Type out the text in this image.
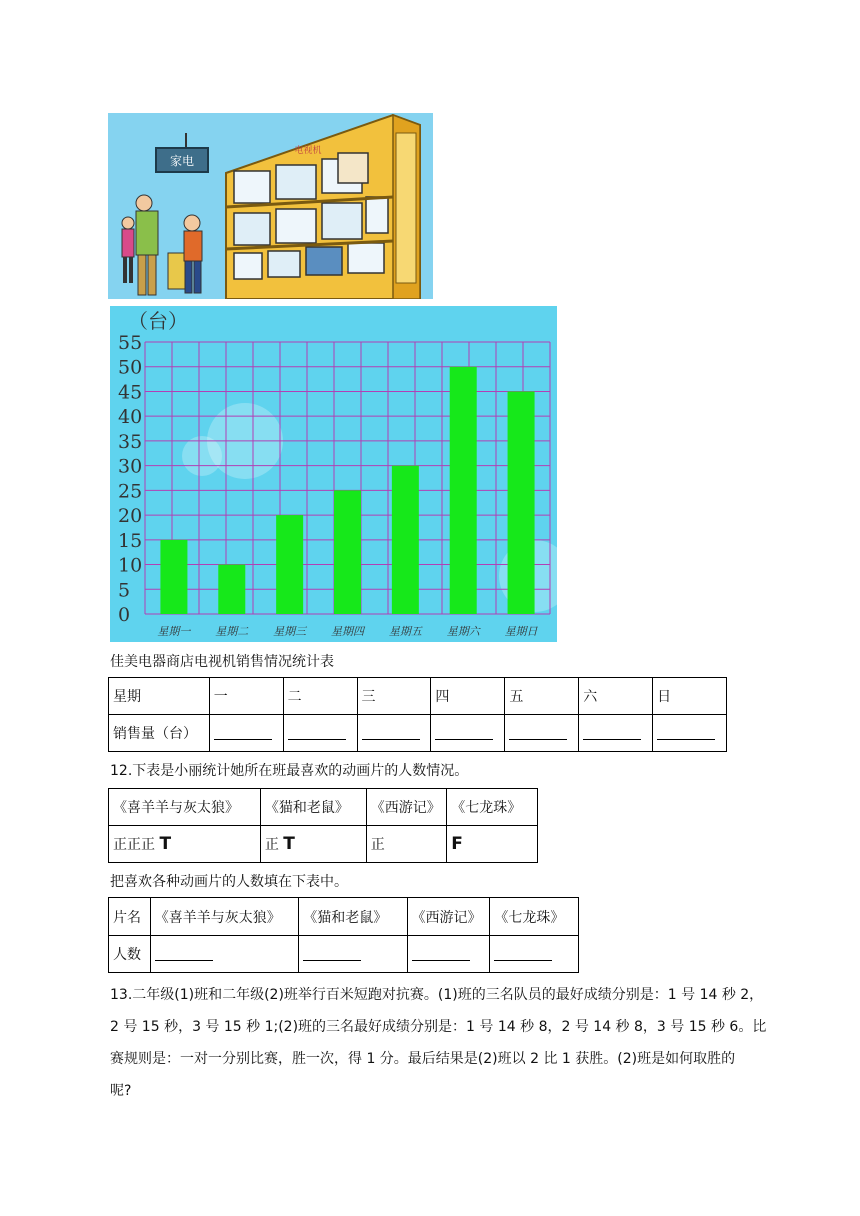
家电
电视机
（台）
55
50
45
40
35
30
25
20
15
10
5
0
星期一 星期二 星期三 星期四 星期五 星期六 星期日
佳美电器商店电视机销售情况统计表
星期	一	二	三	四	五	六	日
销售量（台）							
12.下表是小丽统计她所在班最喜欢的动画片的人数情况。
《喜羊羊与灰太狼》	《猫和老鼠》	《西游记》	《七龙珠》
正正正 T	正 T	正	F
把喜欢各种动画片的人数填在下表中。
片名	《喜羊羊与灰太狼》	《猫和老鼠》	《西游记》	《七龙珠》
人数				
13.二年级(1)班和二年级(2)班举行百米短跑对抗赛。(1)班的三名队员的最好成绩分别是：1 号 14 秒 2，
2 号 15 秒，3 号 15 秒 1;(2)班的三名最好成绩分别是：1 号 14 秒 8，2 号 14 秒 8，3 号 15 秒 6。比
赛规则是：一对一分别比赛，胜一次，得 1 分。最后结果是(2)班以 2 比 1 获胜。(2)班是如何取胜的
呢?
